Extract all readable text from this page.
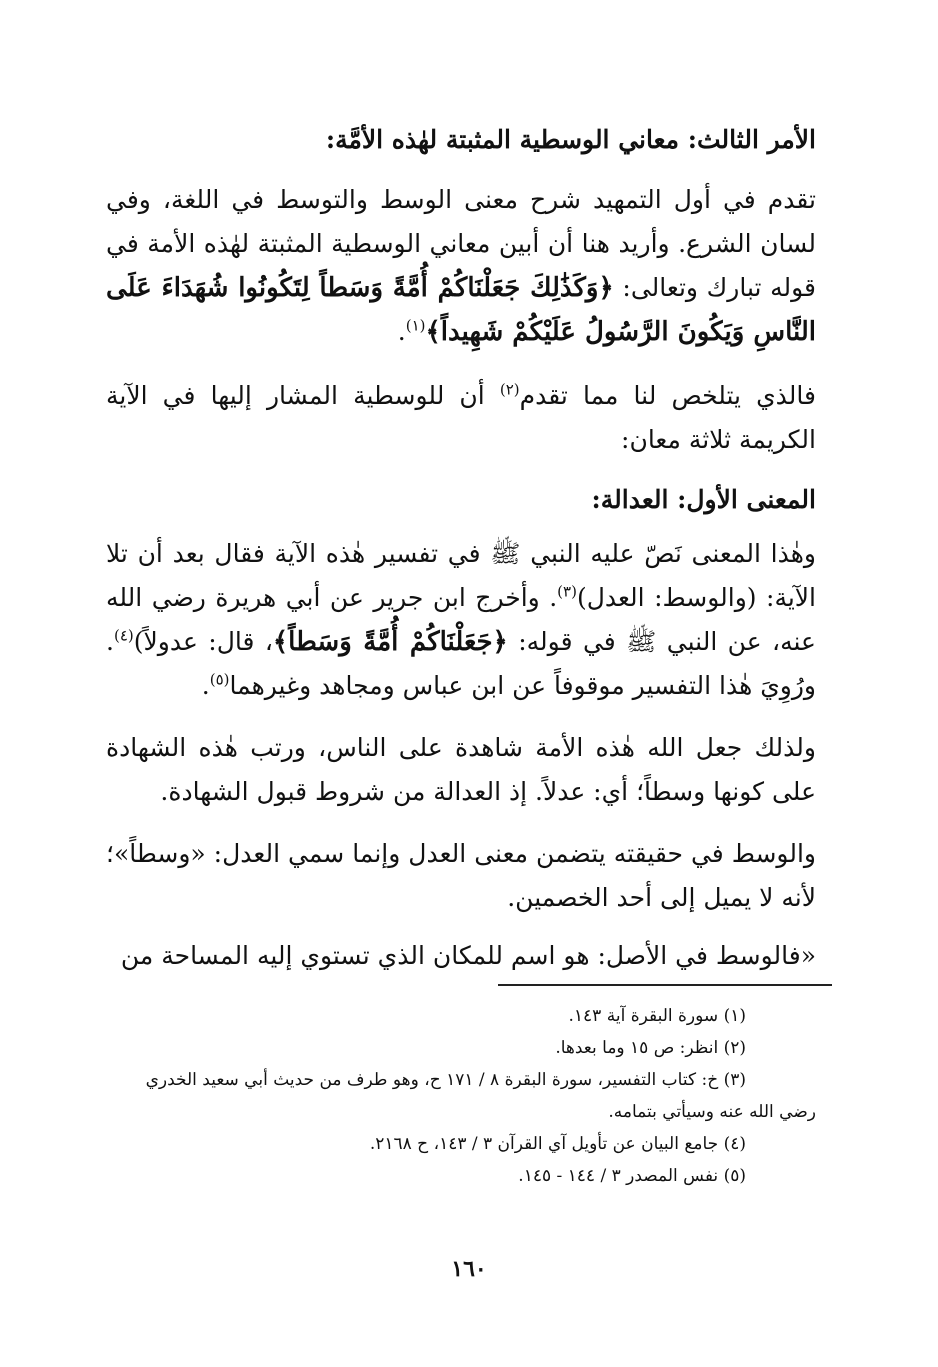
الأمر الثالث: معاني الوسطية المثبتة لهٰذه الأمَّة:
تقدم في أول التمهيد شرح معنى الوسط والتوسط في اللغة، وفي لسان الشرع. وأريد هنا أن أبين معاني الوسطية المثبتة لهٰذه الأمة في قوله تبارك وتعالى: ﴿وَكَذَٰلِكَ جَعَلْنَاكُمْ أُمَّةً وَسَطاً لِتَكُونُوا شُهَدَاءَ عَلَى النَّاسِ وَيَكُونَ الرَّسُولُ عَلَيْكُمْ شَهِيداً﴾$^{(١)}$.
فالذي يتلخص لنا مما تقدم$^{(٢)}$ أن للوسطية المشار إليها في الآية الكريمة ثلاثة معان:
المعنى الأول: العدالة:
وهٰذا المعنى نَصّ عليه النبي ﷺ في تفسير هٰذه الآية فقال بعد أن تلا الآية: (والوسط: العدل)$^{(٣)}$. وأخرج ابن جرير عن أبي هريرة رضي الله عنه، عن النبي ﷺ في قوله: ﴿جَعَلْنَاكُمْ أُمَّةً وَسَطاً﴾، قال: عدولاً)$^{(٤)}$. ورُوِيَ هٰذا التفسير موقوفاً عن ابن عباس ومجاهد وغيرهما$^{(٥)}$.
ولذلك جعل الله هٰذه الأمة شاهدة على الناس، ورتب هٰذه الشهادة على كونها وسطاً؛ أي: عدلاً. إذ العدالة من شروط قبول الشهادة.
والوسط في حقيقته يتضمن معنى العدل وإنما سمي العدل: «وسطاً»؛ لأنه لا يميل إلى أحد الخصمين.
«فالوسط في الأصل: هو اسم للمكان الذي تستوي إليه المساحة من
(١) سورة البقرة آية ١٤٣.
(٢) انظر: ص ١٥ وما بعدها.
(٣) خ: كتاب التفسير، سورة البقرة ٨ / ١٧١ ح، وهو طرف من حديث أبي سعيد الخدري
رضي الله عنه وسيأتي بتمامه.
(٤) جامع البيان عن تأويل آي القرآن ٣ / ١٤٣، ح ٢١٦٨.
(٥) نفس المصدر ٣ / ١٤٤ - ١٤٥.
١٦٠
